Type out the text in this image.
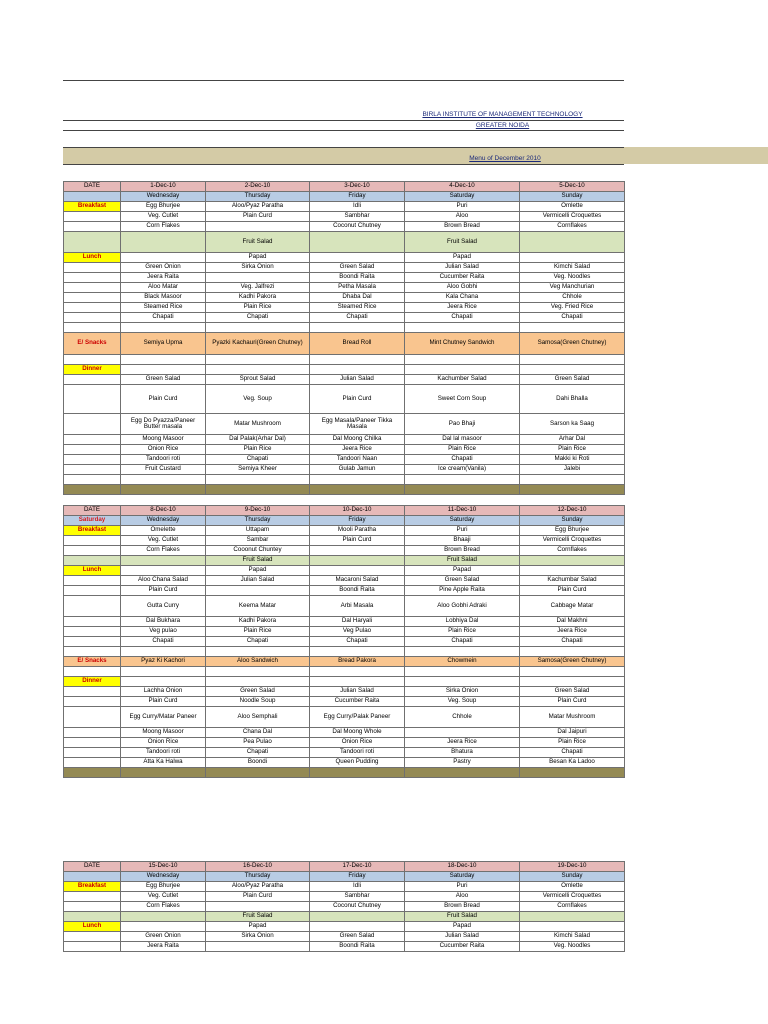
BIRLA INSTITUTE OF MANAGEMENT TECHNOLOGY
GREATER NOIDA
Menu of December 2010
DATE	1-Dec-10	2-Dec-10	3-Dec-10	4-Dec-10	5-Dec-10
	Wednesday	Thursday	Friday	Saturday	Sunday
Breakfast	Egg Bhurjee	Aloo/Pyaz Paratha	Idli	Puri	Omlette
	Veg. Cutlet	Plain Curd	Sambhar	Aloo	Vermicelli Croquettes
	Corn Flakes		Coconut Chutney	Brown Bread	Cornflakes
		Fruit Salad		Fruit Salad	
Lunch		Papad		Papad	
	Green Onion	Sirka Onion	Green Salad	Julian Salad	Kimchi Salad
	Jeera Raita		Boondi Raita	Cucumber Raita	Veg. Noodles
	Aloo Matar	Veg. Jalfrezi	Petha Masala	Aloo Gobhi	Veg Manchurian
	Black Masoor	Kadhi Pakora	Dhaba Dal	Kala Chana	Chhole
	Steamed Rice	Plain Rice	Steamed Rice	Jeera Rice	Veg. Fried Rice
	Chapati	Chapati	Chapati	Chapati	Chapati

E/ Snacks	Semiya Upma	Pyazki Kachauri(Green Chutney)	Bread Roll	Mint Chutney Sandwich	Samosa(Green Chutney)

Dinner					
	Green Salad	Sprout Salad	Julian Salad	Kachumber Salad	Green Salad
	Plain Curd	Veg. Soup	Plain Curd	Sweet Corn Soup	Dahi Bhalla
	Egg Do Pyazza/Paneer Butter masala	Matar Mushroom	Egg Masala/Paneer Tikka Masala	Pao Bhaji	Sarson ka Saag
	Moong Masoor	Dal Palak(Arhar Dal)	Dal Moong Chilka	Dal lal masoor	Arhar Dal
	Onion Rice	Plain Rice	Jeera Rice	Plain Rice	Plain Rice
	Tandoori roti	Chapati	Tandoori Naan	Chapati	Makki ki Roti
	Fruit Custard	Semiya Kheer	Gulab Jamun	Ice cream(Vanila)	Jalebi

DATE	8-Dec-10	9-Dec-10	10-Dec-10	11-Dec-10	12-Dec-10
Saturday	Wednesday	Thursday	Friday	Saturday	Sunday
Breakfast	Omelette	Uttapam	Mooli Paratha	Puri	Egg Bhurjee
	Veg. Cutlet	Sambar	Plain Curd	Bhaaji	Vermicelli Croquettes
	Corn Flakes	Cooonut Chuntey		Brown Bread	Cornflakes
		Fruit Salad		Fruit Salad	
Lunch		Papad		Papad	
	Aloo Chana Salad	Julian Salad	Macaroni Salad	Green Salad	Kachumbar Salad
	Plain Curd		Boondi Raita	Pine Apple Raita	Plain Curd
	Gutta Curry	Keema Matar	Arbi Masala	Aloo Gobhi Adraki	Cabbage Matar
	Dal Bukhara	Kadhi Pakora	Dal Haryali	Lobhiya Dal	Dal Makhni
	Veg pulao	Plain Rice	Veg Pulao	Plain Rice	Jeera Rice
	Chapati	Chapati	Chapati	Chapati	Chapati

E/ Snacks	Pyaz Ki Kachori	Aloo Sandwich	Bread Pakora	Chowmein	Samosa(Green Chutney)

Dinner					
	Lachha Onion	Green Salad	Julian Salad	Sirka Onion	Green Salad
	Plain Curd	Noodle Soup	Cucumber Raita	Veg. Soup	Plain Curd
	Egg Curry/Matar Paneer	Aloo Semphali	Egg Curry/Palak Paneer	Chhole	Matar Mushroom
	Moong Masoor	Chana Dal	Dal Moong Whole		Dal Jaipuri
	Onion Rice	Pea Pulao	Onion Rice	Jeera Rice	Plain Rice
	Tandoori roti	Chapati	Tandoori roti	Bhatura	Chapati
	Atta Ka Halwa	Boondi	Queen Pudding	Pastry	Besan Ka Ladoo

DATE	15-Dec-10	16-Dec-10	17-Dec-10	18-Dec-10	19-Dec-10
	Wednesday	Thursday	Friday	Saturday	Sunday
Breakfast	Egg Bhurjee	Aloo/Pyaz Paratha	Idli	Puri	Omlette
	Veg. Cutlet	Plain Curd	Sambhar	Aloo	Vermicelli Croquettes
	Corn Flakes		Coconut Chutney	Brown Bread	Cornflakes
		Fruit Salad		Fruit Salad	
Lunch		Papad		Papad	
	Green Onion	Sirka Onion	Green Salad	Julian Salad	Kimchi Salad
	Jeera Raita		Boondi Raita	Cucumber Raita	Veg. Noodles
